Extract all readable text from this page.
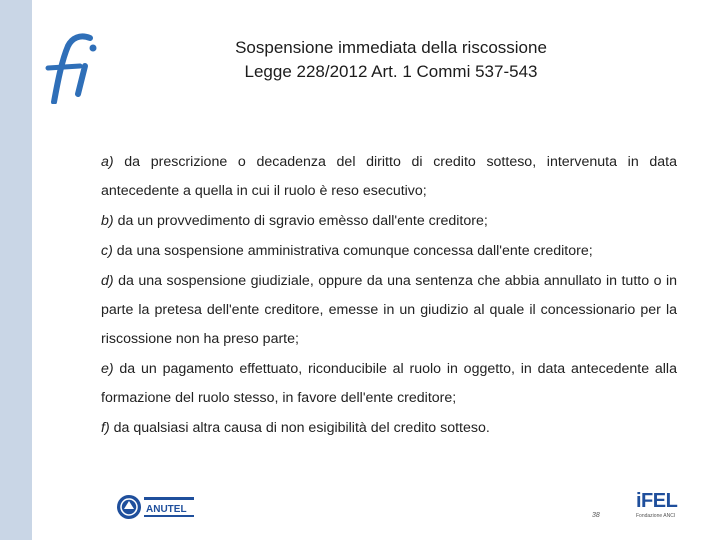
Sospensione immediata della riscossione
Legge 228/2012 Art. 1 Commi 537-543

a) da prescrizione o decadenza del diritto di credito sotteso, intervenuta in data antecedente a quella in cui il ruolo è reso esecutivo;

b) da un provvedimento di sgravio emèsso dall'ente creditore;

c) da una sospensione amministrativa comunque concessa dall'ente creditore;

d) da una sospensione giudiziale, oppure da una sentenza che abbia annullato in tutto o in parte la pretesa dell'ente creditore, emesse in un giudizio al quale il concessionario per la riscossione non ha preso parte;

e) da un pagamento effettuato, riconducibile al ruolo in oggetto, in data antecedente alla formazione del ruolo stesso, in favore dell'ente creditore;

f) da qualsiasi altra causa di non esigibilità del credito sotteso.

ANUTEL
38
iFEL
Fondazione ANCI
